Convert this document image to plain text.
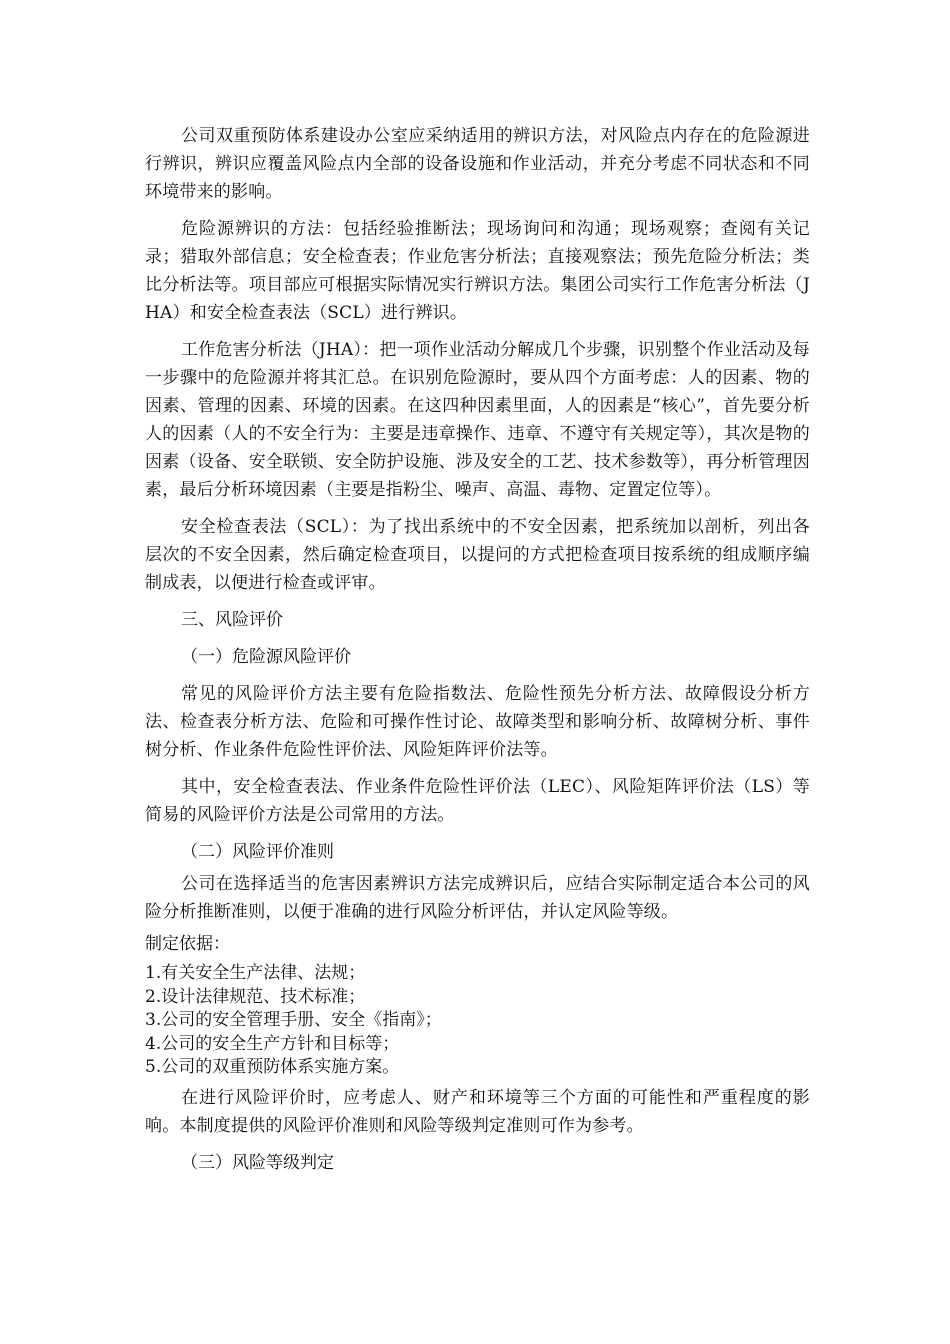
公司双重预防体系建设办公室应采纳适用的辨识方法，对风险点内存在的危险源进行辨识，辨识应覆盖风险点内全部的设备设施和作业活动，并充分考虑不同状态和不同环境带来的影响。

危险源辨识的方法：包括经验推断法；现场询问和沟通；现场观察；查阅有关记录；猎取外部信息；安全检查表；作业危害分析法；直接观察法；预先危险分析法；类比分析法等。项目部应可根据实际情况实行辨识方法。集团公司实行工作危害分析法（JHA）和安全检查表法（SCL）进行辨识。

工作危害分析法（JHA）：把一项作业活动分解成几个步骤，识别整个作业活动及每一步骤中的危险源并将其汇总。在识别危险源时，要从四个方面考虑：人的因素、物的因素、管理的因素、环境的因素。在这四种因素里面，人的因素是“核心”，首先要分析人的因素（人的不安全行为：主要是违章操作、违章、不遵守有关规定等），其次是物的因素（设备、安全联锁、安全防护设施、涉及安全的工艺、技术参数等），再分析管理因素，最后分析环境因素（主要是指粉尘、噪声、高温、毒物、定置定位等）。

安全检查表法（SCL）：为了找出系统中的不安全因素，把系统加以剖析，列出各层次的不安全因素，然后确定检查项目，以提问的方式把检查项目按系统的组成顺序编制成表，以便进行检查或评审。

三、风险评价

（一）危险源风险评价

常见的风险评价方法主要有危险指数法、危险性预先分析方法、故障假设分析方法、检查表分析方法、危险和可操作性讨论、故障类型和影响分析、故障树分析、事件树分析、作业条件危险性评价法、风险矩阵评价法等。

其中，安全检查表法、作业条件危险性评价法（LEC）、风险矩阵评价法（LS）等简易的风险评价方法是公司常用的方法。

（二）风险评价准则

公司在选择适当的危害因素辨识方法完成辨识后，应结合实际制定适合本公司的风险分析推断准则，以便于准确的进行风险分析评估，并认定风险等级。

制定依据：

1.有关安全生产法律、法规；
2.设计法律规范、技术标准；
3.公司的安全管理手册、安全《指南》；
4.公司的安全生产方针和目标等；
5.公司的双重预防体系实施方案。

在进行风险评价时，应考虑人、财产和环境等三个方面的可能性和严重程度的影响。本制度提供的风险评价准则和风险等级判定准则可作为参考。

（三）风险等级判定
